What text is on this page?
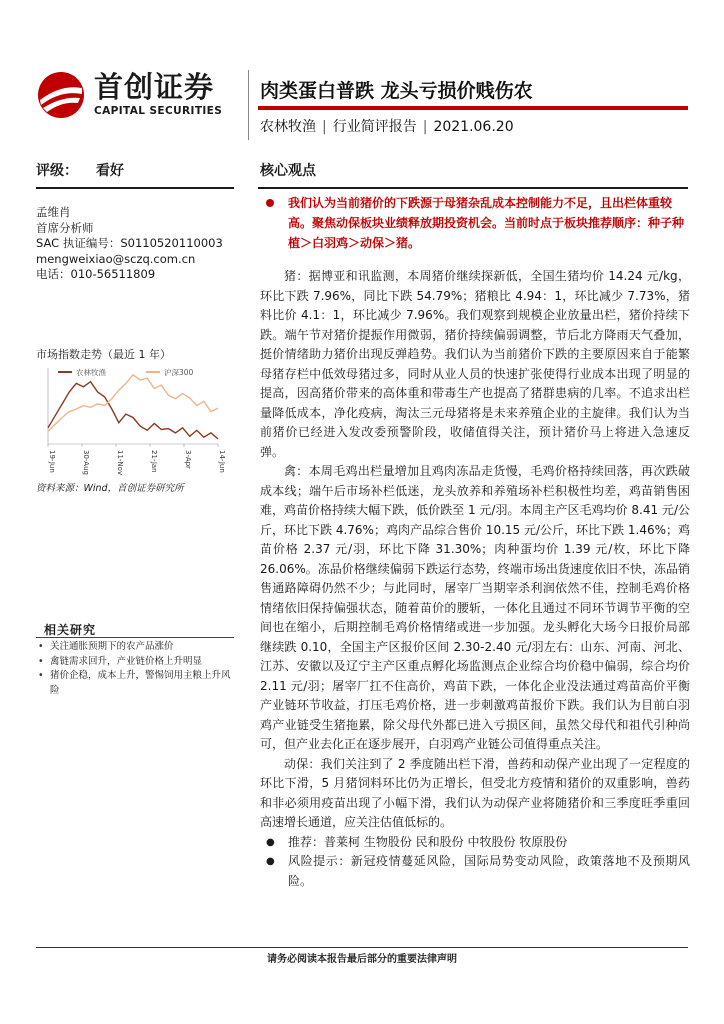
首创证券
CAPITAL SECURITIES
肉类蛋白普跌 龙头亏损价贱伤农
农林牧渔 | 行业简评报告 | 2021.06.20
评级： 看好	核心观点
孟维肖
首席分析师
SAC 执证编号：S0110520110003
mengweixiao@sczq.com.cn
电话：010-56511809
市场指数走势（最近 1 年）
农林牧渔	沪深300
19-Jun	30-Aug	11-Nov	21-Jan	3-Apr	14-Jun
资料来源：Wind，首创证券研究所
相关研究
• 关注通胀预期下的农产品涨价
• 禽链需求回升，产业链价格上升明显
• 猪价企稳，成本上升，警惕饲用主粮上升风险
我们认为当前猪价的下跌源于母猪杂乱成本控制能力不足，且出栏体重较高。聚焦动保板块业绩释放期投资机会。当前时点于板块推荐顺序：种子种植＞白羽鸡＞动保＞猪。

猪：据博亚和讯监测，本周猪价继续探新低，全国生猪均价 14.24 元/kg，环比下跌 7.96%，同比下跌 54.79%；猪粮比 4.94：1，环比减少 7.73%，猪料比价 4.1：1，环比减少 7.96%。我们观察到规模企业放量出栏，猪价持续下跌。端午节对猪价提振作用微弱，猪价持续偏弱调整，节后北方降雨天气叠加，挺价情绪助力猪价出现反弹趋势。我们认为当前猪价下跌的主要原因来自于能繁母猪存栏中低效母猪过多，同时从业人员的快速扩张使得行业成本出现了明显的提高，因高猪价带来的高体重和带毒生产也提高了猪群患病的几率。不追求出栏量降低成本，净化疫病，淘汰三元母猪将是未来养殖企业的主旋律。我们认为当前猪价已经进入发改委预警阶段，收储值得关注，预计猪价马上将进入急速反弹。

禽：本周毛鸡出栏量增加且鸡肉冻品走货慢，毛鸡价格持续回落，再次跌破成本线；端午后市场补栏低迷，龙头放养和养殖场补栏积极性均差，鸡苗销售困难，鸡苗价格持续大幅下跌，低价跌至 1 元/羽。本周主产区毛鸡均价 8.41 元/公斤，环比下跌 4.76%；鸡肉产品综合售价 10.15 元/公斤，环比下跌 1.46%；鸡苗价格 2.37 元/羽，环比下降 31.30%；肉种蛋均价 1.39 元/枚，环比下降 26.06%。冻品价格继续偏弱下跌运行态势，终端市场出货速度依旧不快，冻品销售通路障碍仍然不少；与此同时，屠宰厂当期宰杀利润依然不佳，控制毛鸡价格情绪依旧保持偏强状态，随着苗价的腰斩，一体化且通过不同环节调节平衡的空间也在缩小，后期控制毛鸡价格情绪或进一步加强。龙头孵化大场今日报价局部继续跌 0.10，全国主产区报价区间 2.30-2.40 元/羽左右：山东、河南、河北、江苏、安徽以及辽宁主产区重点孵化场监测点企业综合均价稳中偏弱，综合均价 2.11 元/羽；屠宰厂扛不住高价，鸡苗下跌，一体化企业没法通过鸡苗高价平衡产业链环节收益，打压毛鸡价格，进一步刺激鸡苗报价下跌。我们认为目前白羽鸡产业链受生猪拖累，除父母代外都已进入亏损区间，虽然父母代和祖代引种尚可，但产业去化正在逐步展开，白羽鸡产业链公司值得重点关注。

动保：我们关注到了 2 季度随出栏下滑，兽药和动保产业出现了一定程度的环比下滑，5 月猪饲料环比仍为正增长，但受北方疫情和猪价的双重影响，兽药和非必须用疫苗出现了小幅下滑，我们认为动保产业将随猪价和三季度旺季重回高速增长通道，应关注估值低标的。

● 推荐：普莱柯 生物股份 民和股份 中牧股份 牧原股份
● 风险提示：新冠疫情蔓延风险，国际局势变动风险，政策落地不及预期风险。
请务必阅读本报告最后部分的重要法律声明
